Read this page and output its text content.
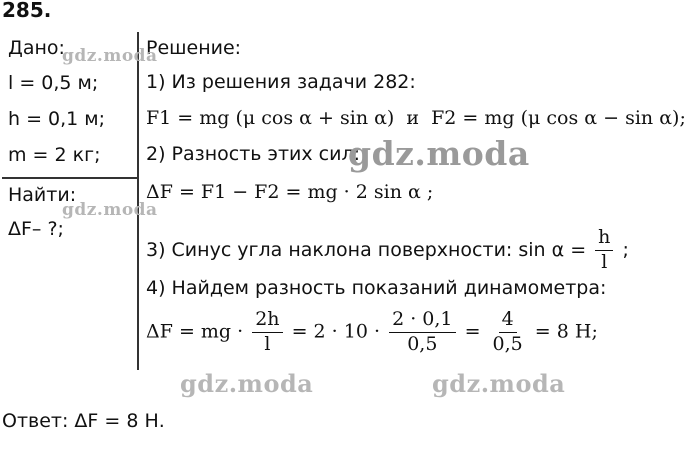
285.
Дано:
l = 0,5 м;
h = 0,1 м;
m = 2 кг;
Найти:
ΔF– ?;
Решение:
1) Из решения задачи 282:
F1 = mg (μ cos α + sin α) и F2 = mg (μ cos α − sin α);
2) Разность этих сил:
ΔF = F1 − F2 = mg · 2 sin α ;
3) Синус угла наклона поверхности: $\sin \alpha = \frac{h}{l}$ ;
4) Найдем разность показаний динамометра:
ΔF = mg · $\frac{2h}{l} = 2 \cdot 10 \cdot \frac{2 \cdot 0,1}{0,5} = \frac{4}{0,5} = 8$ Н;
Ответ: ΔF = 8 Н.
gdz.moda
gdz.moda
gdz.moda
gdz.moda	gdz.moda
